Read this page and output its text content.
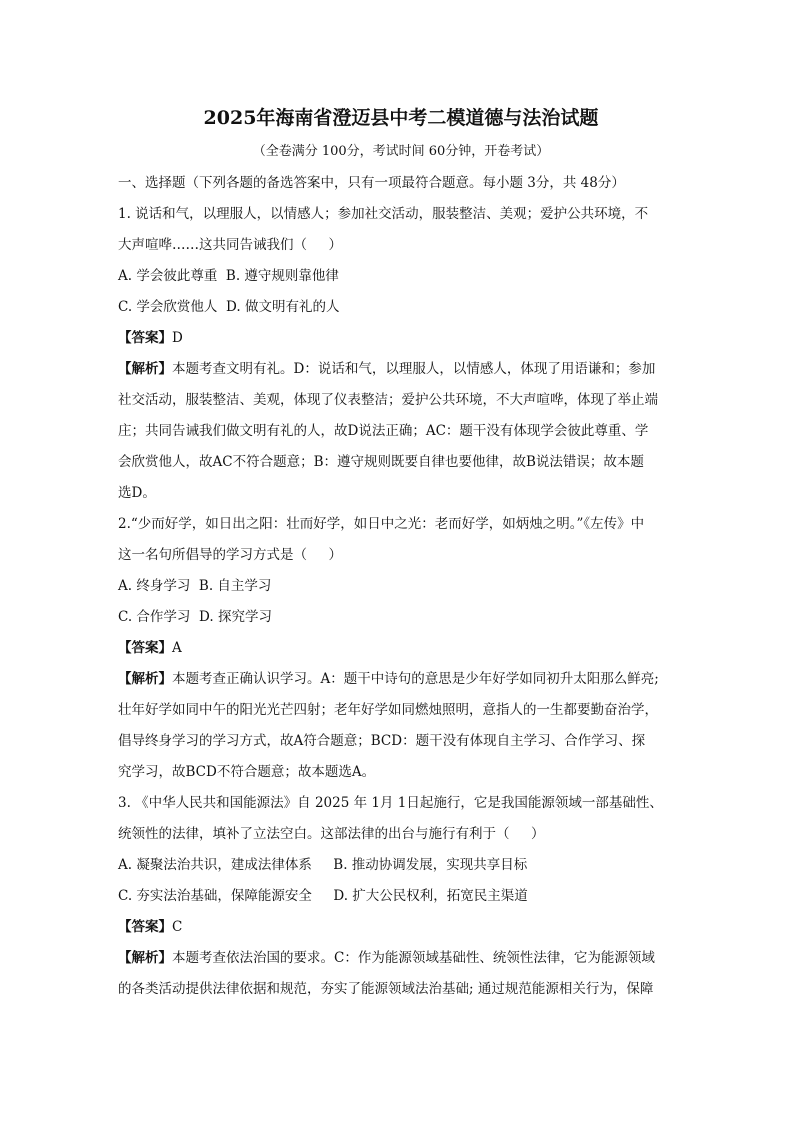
2025年海南省澄迈县中考二模道德与法治试题

（全卷满分 100分，考试时间 60分钟，开卷考试）

一、选择题（下列各题的备选答案中，只有一项最符合题意。每小题 3分，共 48分）

1. 说话和气，以理服人，以情感人；参加社交活动，服装整洁、美观；爱护公共环境，不

大声喧哗……这共同告诫我们（     ）

A. 学会彼此尊重  B. 遵守规则靠他律

C. 学会欣赏他人  D. 做文明有礼的人

【答案】D

【解析】本题考查文明有礼。D：说话和气，以理服人，以情感人，体现了用语谦和；参加

社交活动，服装整洁、美观，体现了仪表整洁；爱护公共环境，不大声喧哗，体现了举止端

庄；共同告诫我们做文明有礼的人，故D说法正确；AC：题干没有体现学会彼此尊重、学

会欣赏他人，故AC不符合题意；B：遵守规则既要自律也要他律，故B说法错误；故本题

选D。

2.“少而好学，如日出之阳：壮而好学，如日中之光：老而好学，如炳烛之明。”《左传》中

这一名句所倡导的学习方式是（     ）

A. 终身学习  B. 自主学习

C. 合作学习  D. 探究学习

【答案】A

【解析】本题考查正确认识学习。A：题干中诗句的意思是少年好学如同初升太阳那么鲜亮;

壮年好学如同中午的阳光光芒四射；老年好学如同燃烛照明，意指人的一生都要勤奋治学，

倡导终身学习的学习方式，故A符合题意；BCD：题干没有体现自主学习、合作学习、探

究学习，故BCD不符合题意；故本题选A。

3. 《中华人民共和国能源法》自 2025 年 1月 1日起施行，它是我国能源领域一部基础性、

统领性的法律，填补了立法空白。这部法律的出台与施行有利于（     ）

A. 凝聚法治共识，建成法律体系     B. 推动协调发展，实现共享目标

C. 夯实法治基础，保障能源安全     D. 扩大公民权利，拓宽民主渠道

【答案】C

【解析】本题考查依法治国的要求。C：作为能源领域基础性、统领性法律，它为能源领域

的各类活动提供法律依据和规范，夯实了能源领域法治基础; 通过规范能源相关行为，保障
